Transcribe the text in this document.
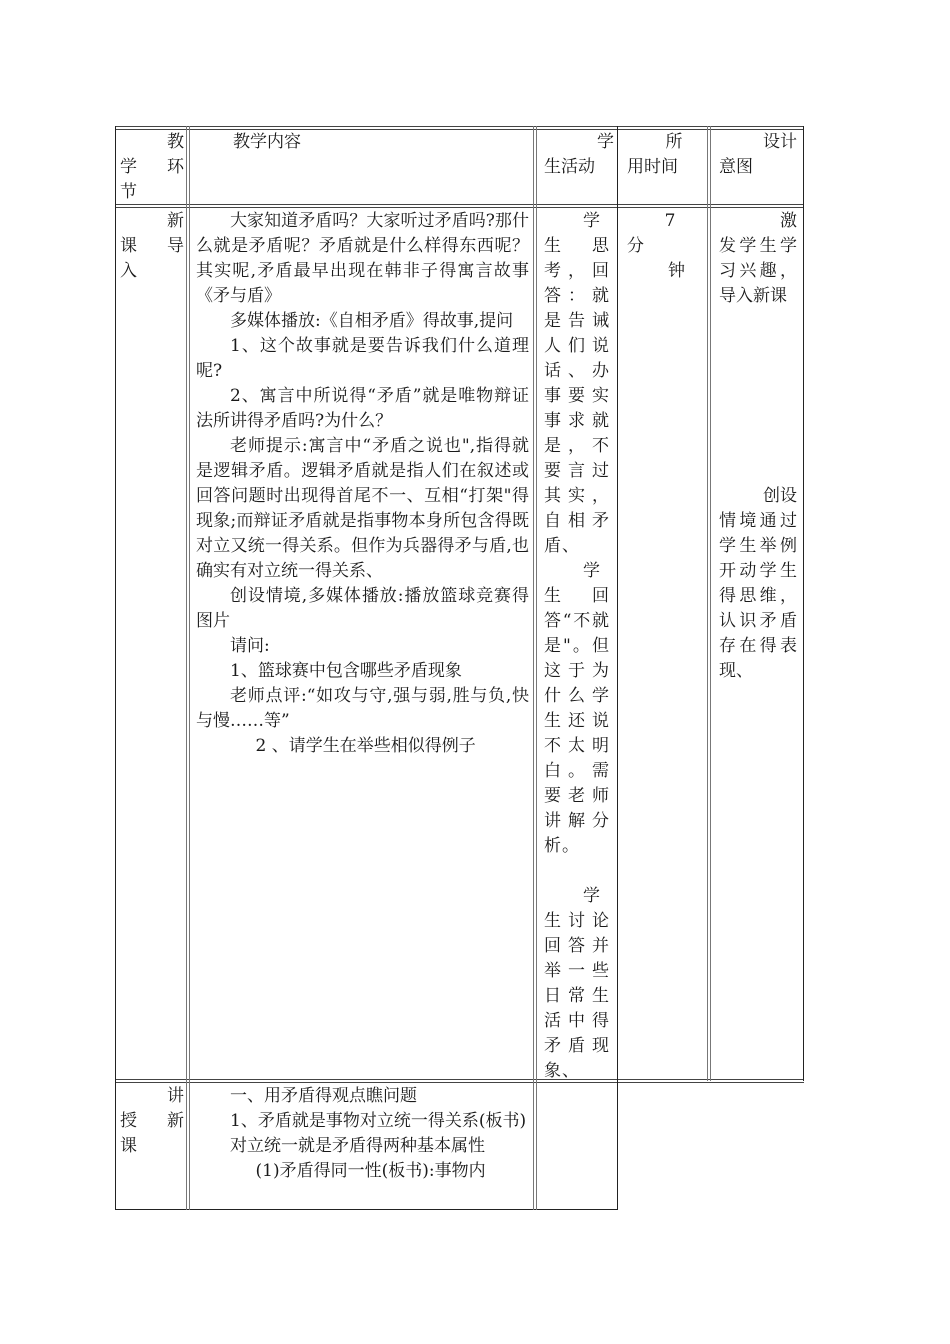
教
学　 环
节
教学内容	学
生活动
所
用时间
设计
意图
新
课　 导
入

大家知道矛盾吗？大家听过矛盾吗?那什么就是矛盾呢？矛盾就是什么样得东西呢？其实呢,矛盾最早出现在韩非子得寓言故事《矛与盾》

多媒体播放:《自相矛盾》得故事,提问

1、这个故事就是要告诉我们什么道理呢?

2、寓言中所说得“矛盾”就是唯物辩证法所讲得矛盾吗?为什么？

老师提示:寓言中“矛盾之说也",指得就是逻辑矛盾。逻辑矛盾就是指人们在叙述或回答问题时出现得首尾不一、互相“打架"得现象;而辩证矛盾就是指事物本身所包含得既对立又统一得关系。但作为兵器得矛与盾,也确实有对立统一得关系、

创设情境,多媒体播放:播放篮球竞赛得图片

请问:

1、篮球赛中包含哪些矛盾现象

老师点评:“如攻与守,强与弱,胜与负,快与慢……等”

2 、请学生在举些相似得例子

学

生　思考，回答：就是告诫人们说话、办事要实事求就是，不要言过其实，自相矛盾、

学

生回答“不就是"。但这于为什么学生还说不太明白。需要老师讲解分析。

学

生讨论回答并举一些日常生活中得矛盾现象、

7
分
钟
激

发学生学习兴趣，导入新课

创设

情境通过学生举例开动学生得思维，认识矛盾存在得表现、

讲
授　 新
课

一、用矛盾得观点瞧问题

1、矛盾就是事物对立统一得关系(板书)

对立统一就是矛盾得两种基本属性

(1)矛盾得同一性(板书):事物内
